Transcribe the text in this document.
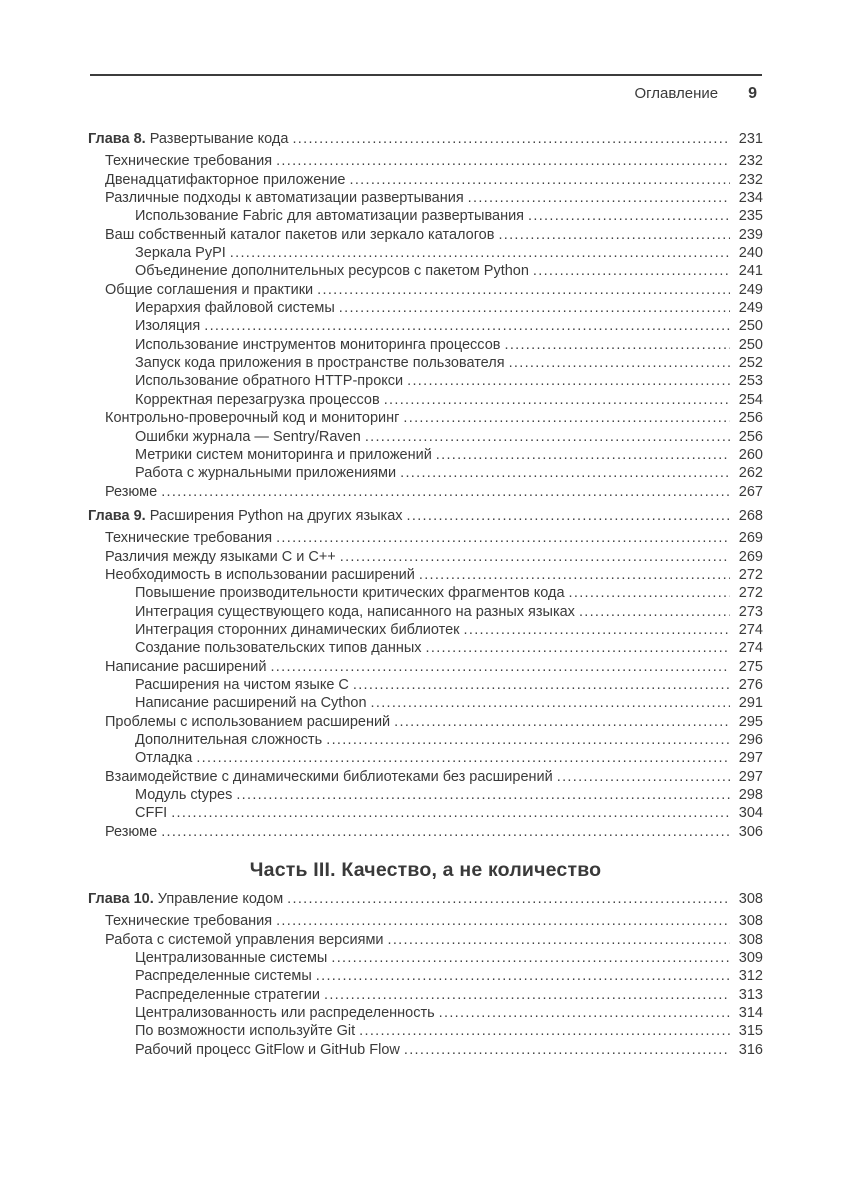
Оглавление 9
Глава 8. Развертывание кода .....	231
Технические требования .....	232
Двенадцатифакторное приложение .....	232
Различные подходы к автоматизации развертывания .....	234
Использование Fabric для автоматизации развертывания .....	235
Ваш собственный каталог пакетов или зеркало каталогов .....	239
Зеркала PyPI .....	240
Объединение дополнительных ресурсов с пакетом Python .....	241
Общие соглашения и практики .....	249
Иерархия файловой системы .....	249
Изоляция .....	250
Использование инструментов мониторинга процессов .....	250
Запуск кода приложения в пространстве пользователя .....	252
Использование обратного HTTP-прокси .....	253
Корректная перезагрузка процессов .....	254
Контрольно-проверочный код и мониторинг .....	256
Ошибки журнала — Sentry/Raven .....	256
Метрики систем мониторинга и приложений .....	260
Работа с журнальными приложениями .....	262
Резюме .....	267
Глава 9. Расширения Python на других языках .....	268
Технические требования .....	269
Различия между языками C и C++ .....	269
Необходимость в использовании расширений .....	272
Повышение производительности критических фрагментов кода .....	272
Интеграция существующего кода, написанного на разных языках .....	273
Интеграция сторонних динамических библиотек .....	274
Создание пользовательских типов данных .....	274
Написание расширений .....	275
Расширения на чистом языке C .....	276
Написание расширений на Cython .....	291
Проблемы с использованием расширений .....	295
Дополнительная сложность .....	296
Отладка .....	297
Взаимодействие с динамическими библиотеками без расширений .....	297
Модуль ctypes .....	298
CFFI .....	304
Резюме .....	306
Часть III. Качество, а не количество
Глава 10. Управление кодом .....	308
Технические требования .....	308
Работа с системой управления версиями .....	308
Централизованные системы .....	309
Распределенные системы .....	312
Распределенные стратегии .....	313
Централизованность или распределенность .....	314
По возможности используйте Git .....	315
Рабочий процесс GitFlow и GitHub Flow .....	316
